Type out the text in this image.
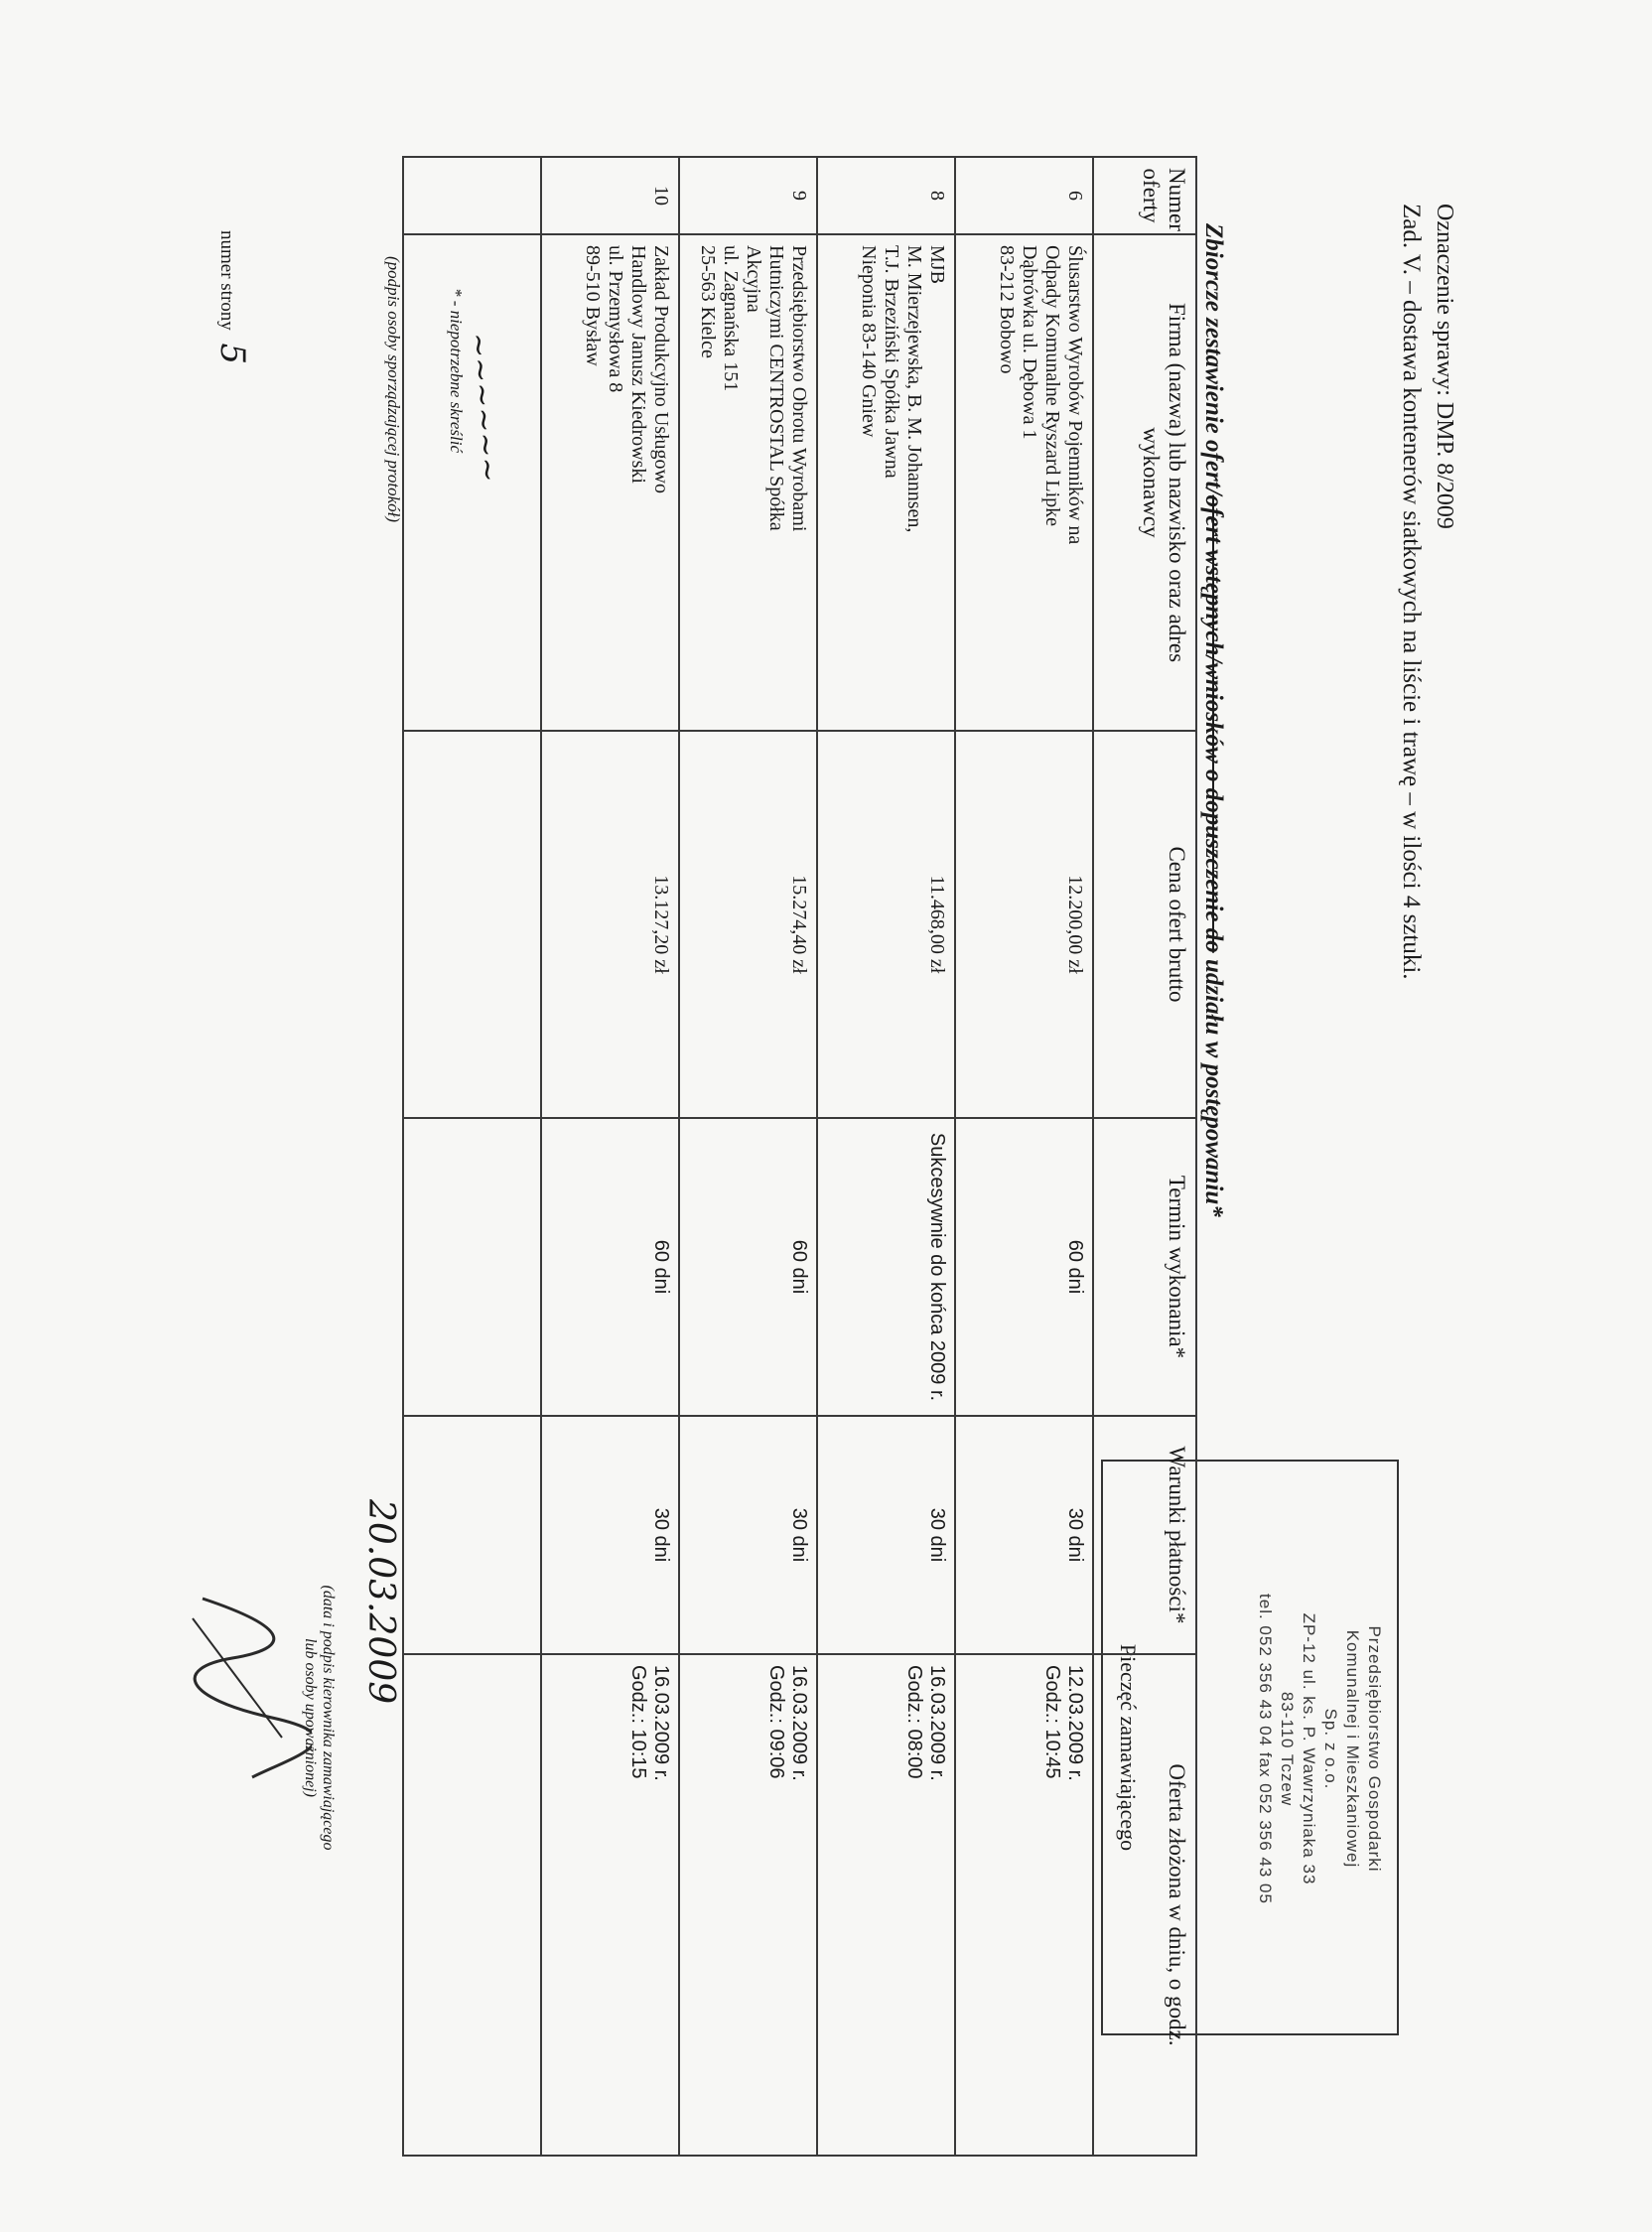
Oznaczenie sprawy: DMP. 8/2009

Zad. V. – dostawa kontenerów siatkowych na liście i trawę – w ilości 4 sztuki.

Przedsiębiorstwo Gospodarki
Komunalnej i Mieszkaniowej
Sp. z o.o.
ZP-12 ul. ks. P. Wawrzyniaka 33
83-110 Tczew
tel. 052 356 43 04 fax 052 356 43 05
Pieczęć zamawiającego

Zbiorcze zestawienie ofert/ofert wstępnych/wniosków o dopuszczenie do udziału w postępowaniu*

Numer oferty	Firma (nazwa) lub nazwisko oraz adres wykonawcy	Cena ofert brutto	Termin wykonania*	Warunki płatności*	Oferta złożona w dniu, o godz.
6	Ślusarstwo Wyrobów Pojemników na
Odpady Komunalne Ryszard Lipke
Dąbrówka ul. Dębowa 1
83-212 Bobowo	12.200,00 zł	60 dni	30 dni	12.03.2009 r.
Godz.: 10:45

8	MJB
M. Mierzejewska, B. M. Johannsen,
T.J. Brzeziński Spółka Jawna
Nieponia 83-140 Gniew	11.468,00 zł	Sukcesywnie do końca 2009 r.	30 dni	16.03.2009 r.
Godz.: 08:00

9	Przedsiębiorstwo Obrotu Wyrobami
Hutniczymi CENTROSTAL Spółka
Akcyjna
ul. Zagnańska 151
25-563 Kielce	15.274,40 zł	60 dni	30 dni	16.03.2009 r.
Godz.: 09:06

10	Zakład Produkcyjno Usługowo
Handlowy Janusz Kiedrowski
ul. Przemysłowa 8
89-510 Bysław	13.127,20 zł	60 dni	30 dni	16.03.2009 r.
Godz.: 10:15

* - niepotrzebne skreślić
~~~~~~
(podpis osoby sporządzającej protokół)
numer strony 5
20.03.2009
(data i podpis kierownika zamawiającego
lub osoby upoważnionej)
